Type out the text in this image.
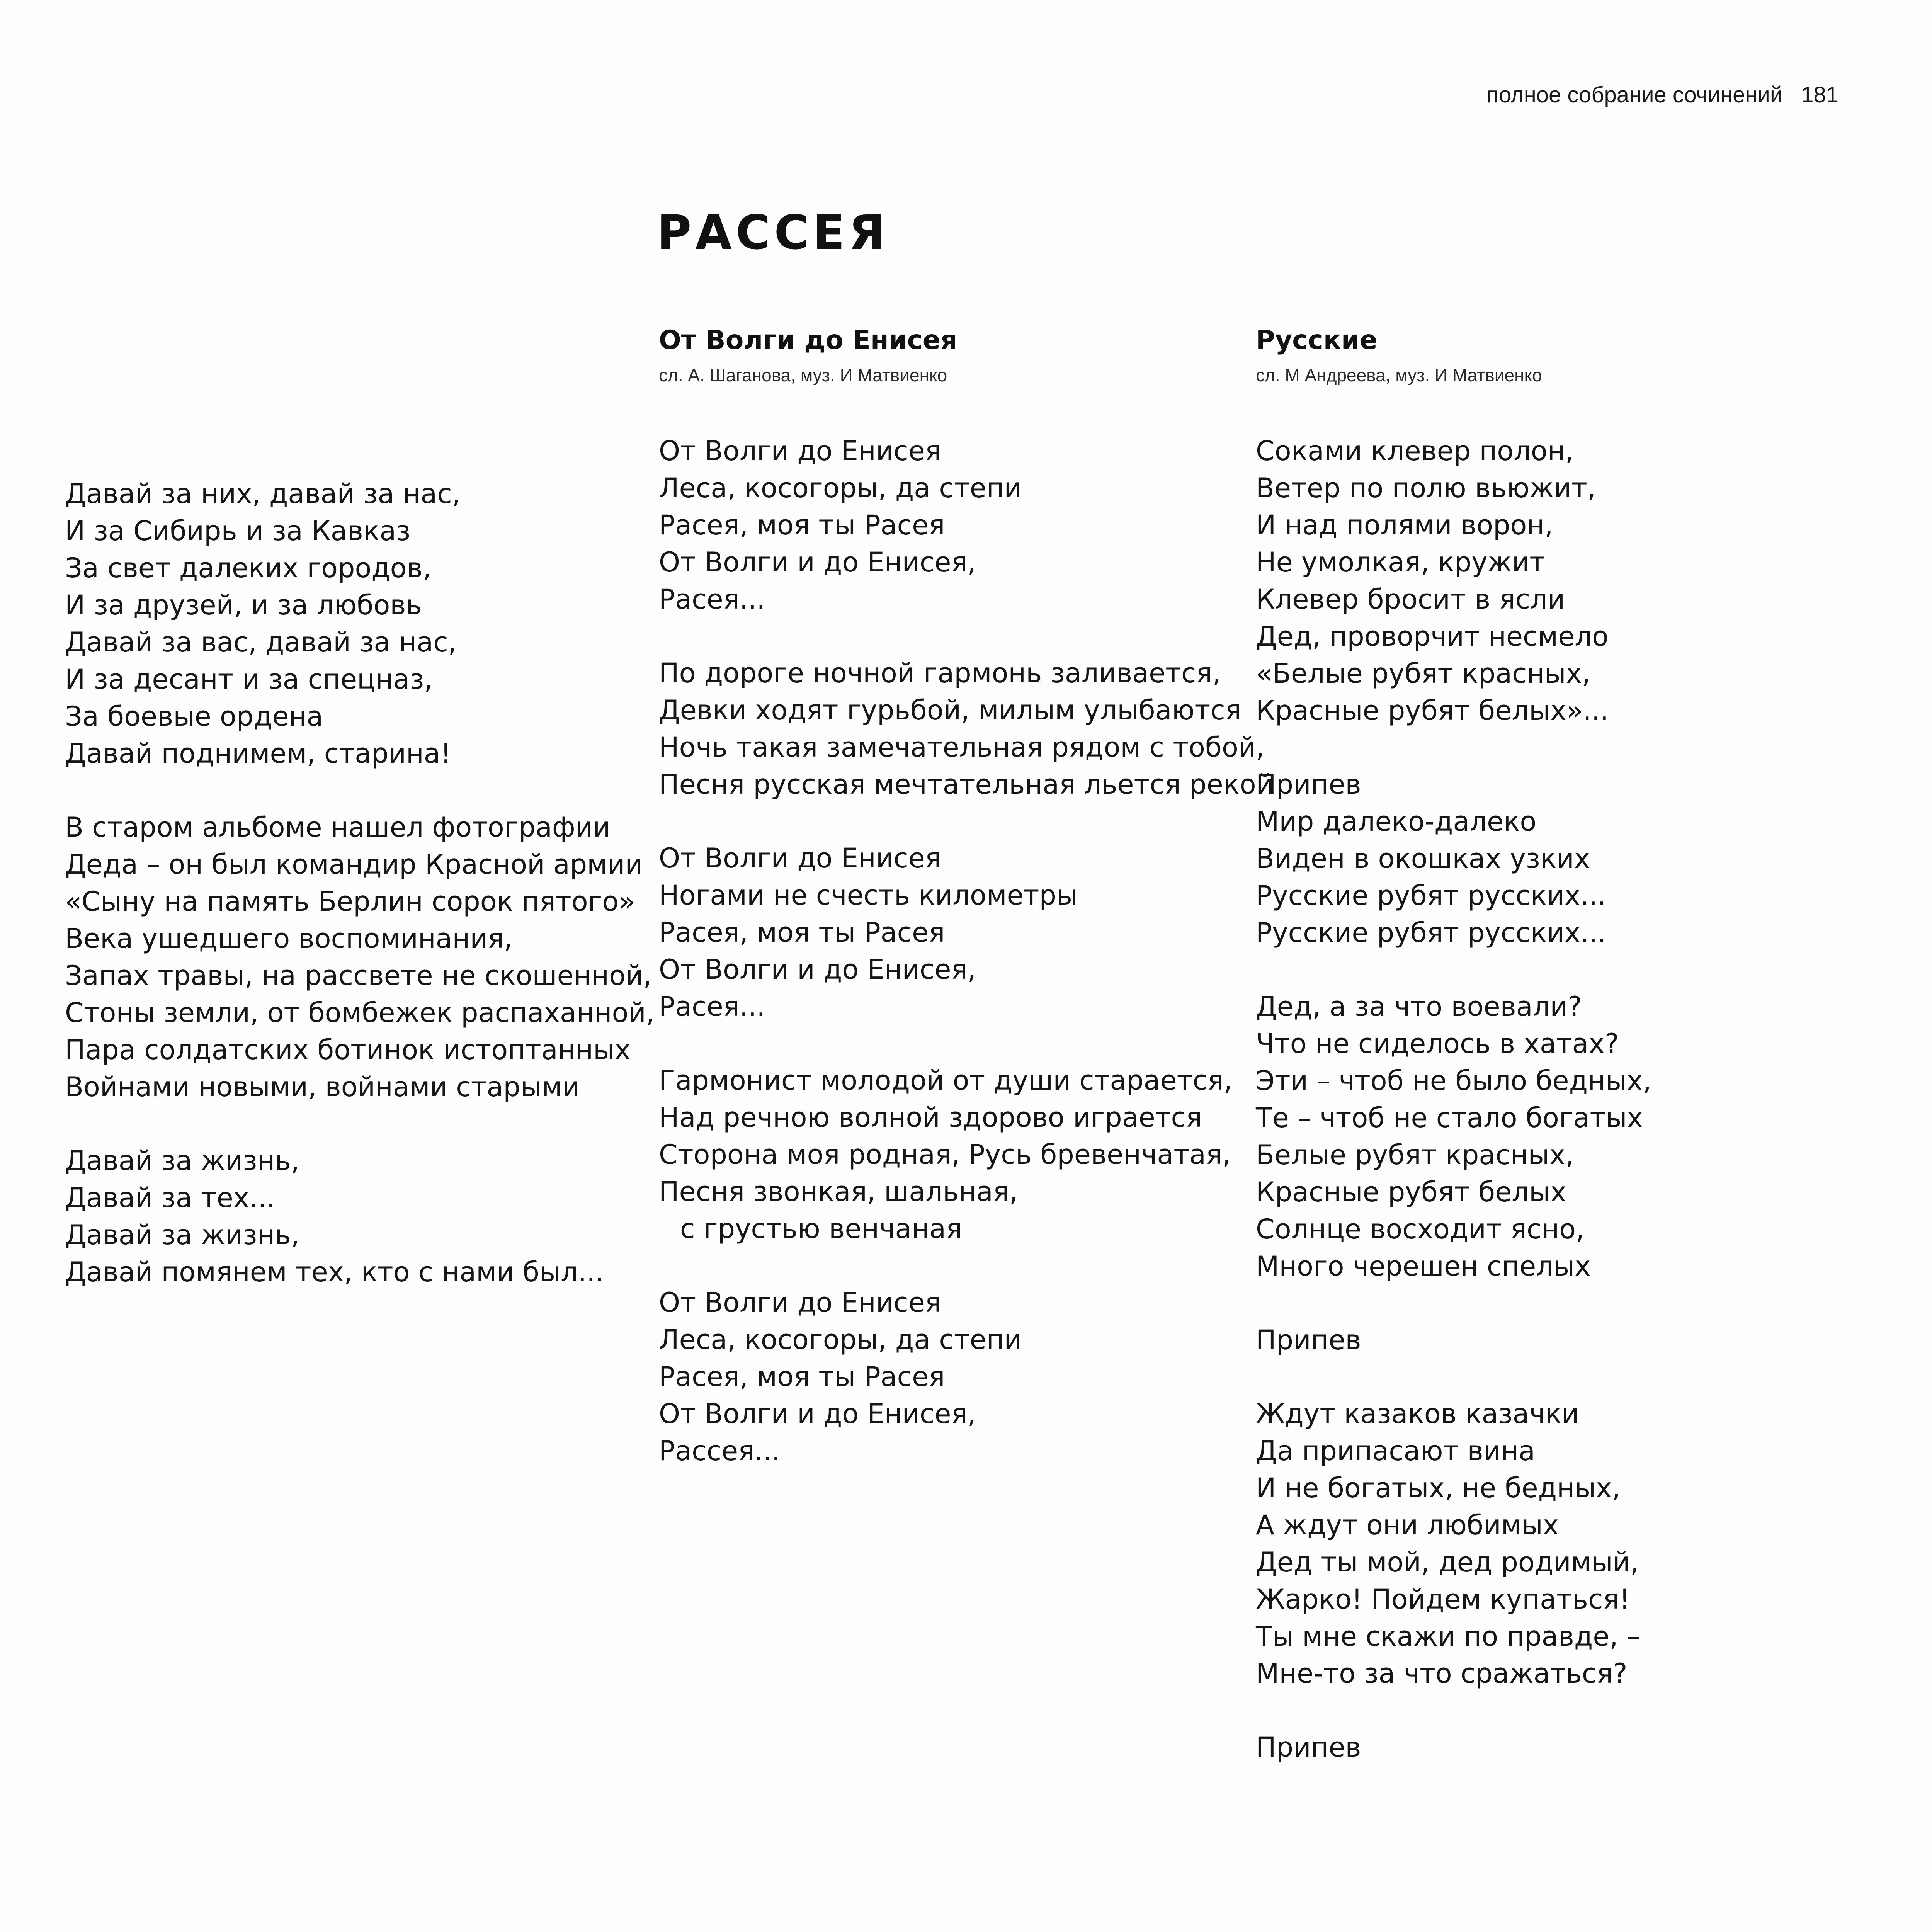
полное собрание сочинений 181
РАССЕЯ
Давай за них, давай за нас,
И за Сибирь и за Кавказ
За свет далеких городов,
И за друзей, и за любовь
Давай за вас, давай за нас,
И за десант и за спецназ,
За боевые ордена
Давай поднимем, старина!
В старом альбоме нашел фотографии
Деда – он был командир Красной армии
«Сыну на память Берлин сорок пятого»
Века ушедшего воспоминания,
Запах травы, на рассвете не скошенной,
Стоны земли, от бомбежек распаханной,
Пара солдатских ботинок истоптанных
Войнами новыми, войнами старыми
Давай за жизнь,
Давай за тех...
Давай за жизнь,
Давай помянем тех, кто с нами был...
От Волги до Енисея
сл. А. Шаганова, муз. И Матвиенко
От Волги до Енисея
Леса, косогоры, да степи
Расея, моя ты Расея
От Волги и до Енисея,
Расея...
По дороге ночной гармонь заливается,
Девки ходят гурьбой, милым улыбаются
Ночь такая замечательная рядом с тобой,
Песня русская мечтательная льется рекой
От Волги до Енисея
Ногами не счесть километры
Расея, моя ты Расея
От Волги и до Енисея,
Расея...
Гармонист молодой от души старается,
Над речною волной здорово играется
Сторона моя родная, Русь бревенчатая,
Песня звонкая, шальная,
с грустью венчаная
От Волги до Енисея
Леса, косогоры, да степи
Расея, моя ты Расея
От Волги и до Енисея,
Рассея...
Русские
сл. М Андреева, муз. И Матвиенко
Соками клевер полон,
Ветер по полю вьюжит,
И над полями ворон,
Не умолкая, кружит
Клевер бросит в ясли
Дед, проворчит несмело
«Белые рубят красных,
Красные рубят белых»...
Припев
Мир далеко-далеко
Виден в окошках узких
Русские рубят русских...
Русские рубят русских...
Дед, а за что воевали?
Что не сиделось в хатах?
Эти – чтоб не было бедных,
Те – чтоб не стало богатых
Белые рубят красных,
Красные рубят белых
Солнце восходит ясно,
Много черешен спелых
Припев
Ждут казаков казачки
Да припасают вина
И не богатых, не бедных,
А ждут они любимых
Дед ты мой, дед родимый,
Жарко! Пойдем купаться!
Ты мне скажи по правде, –
Мне-то за что сражаться?
Припев
